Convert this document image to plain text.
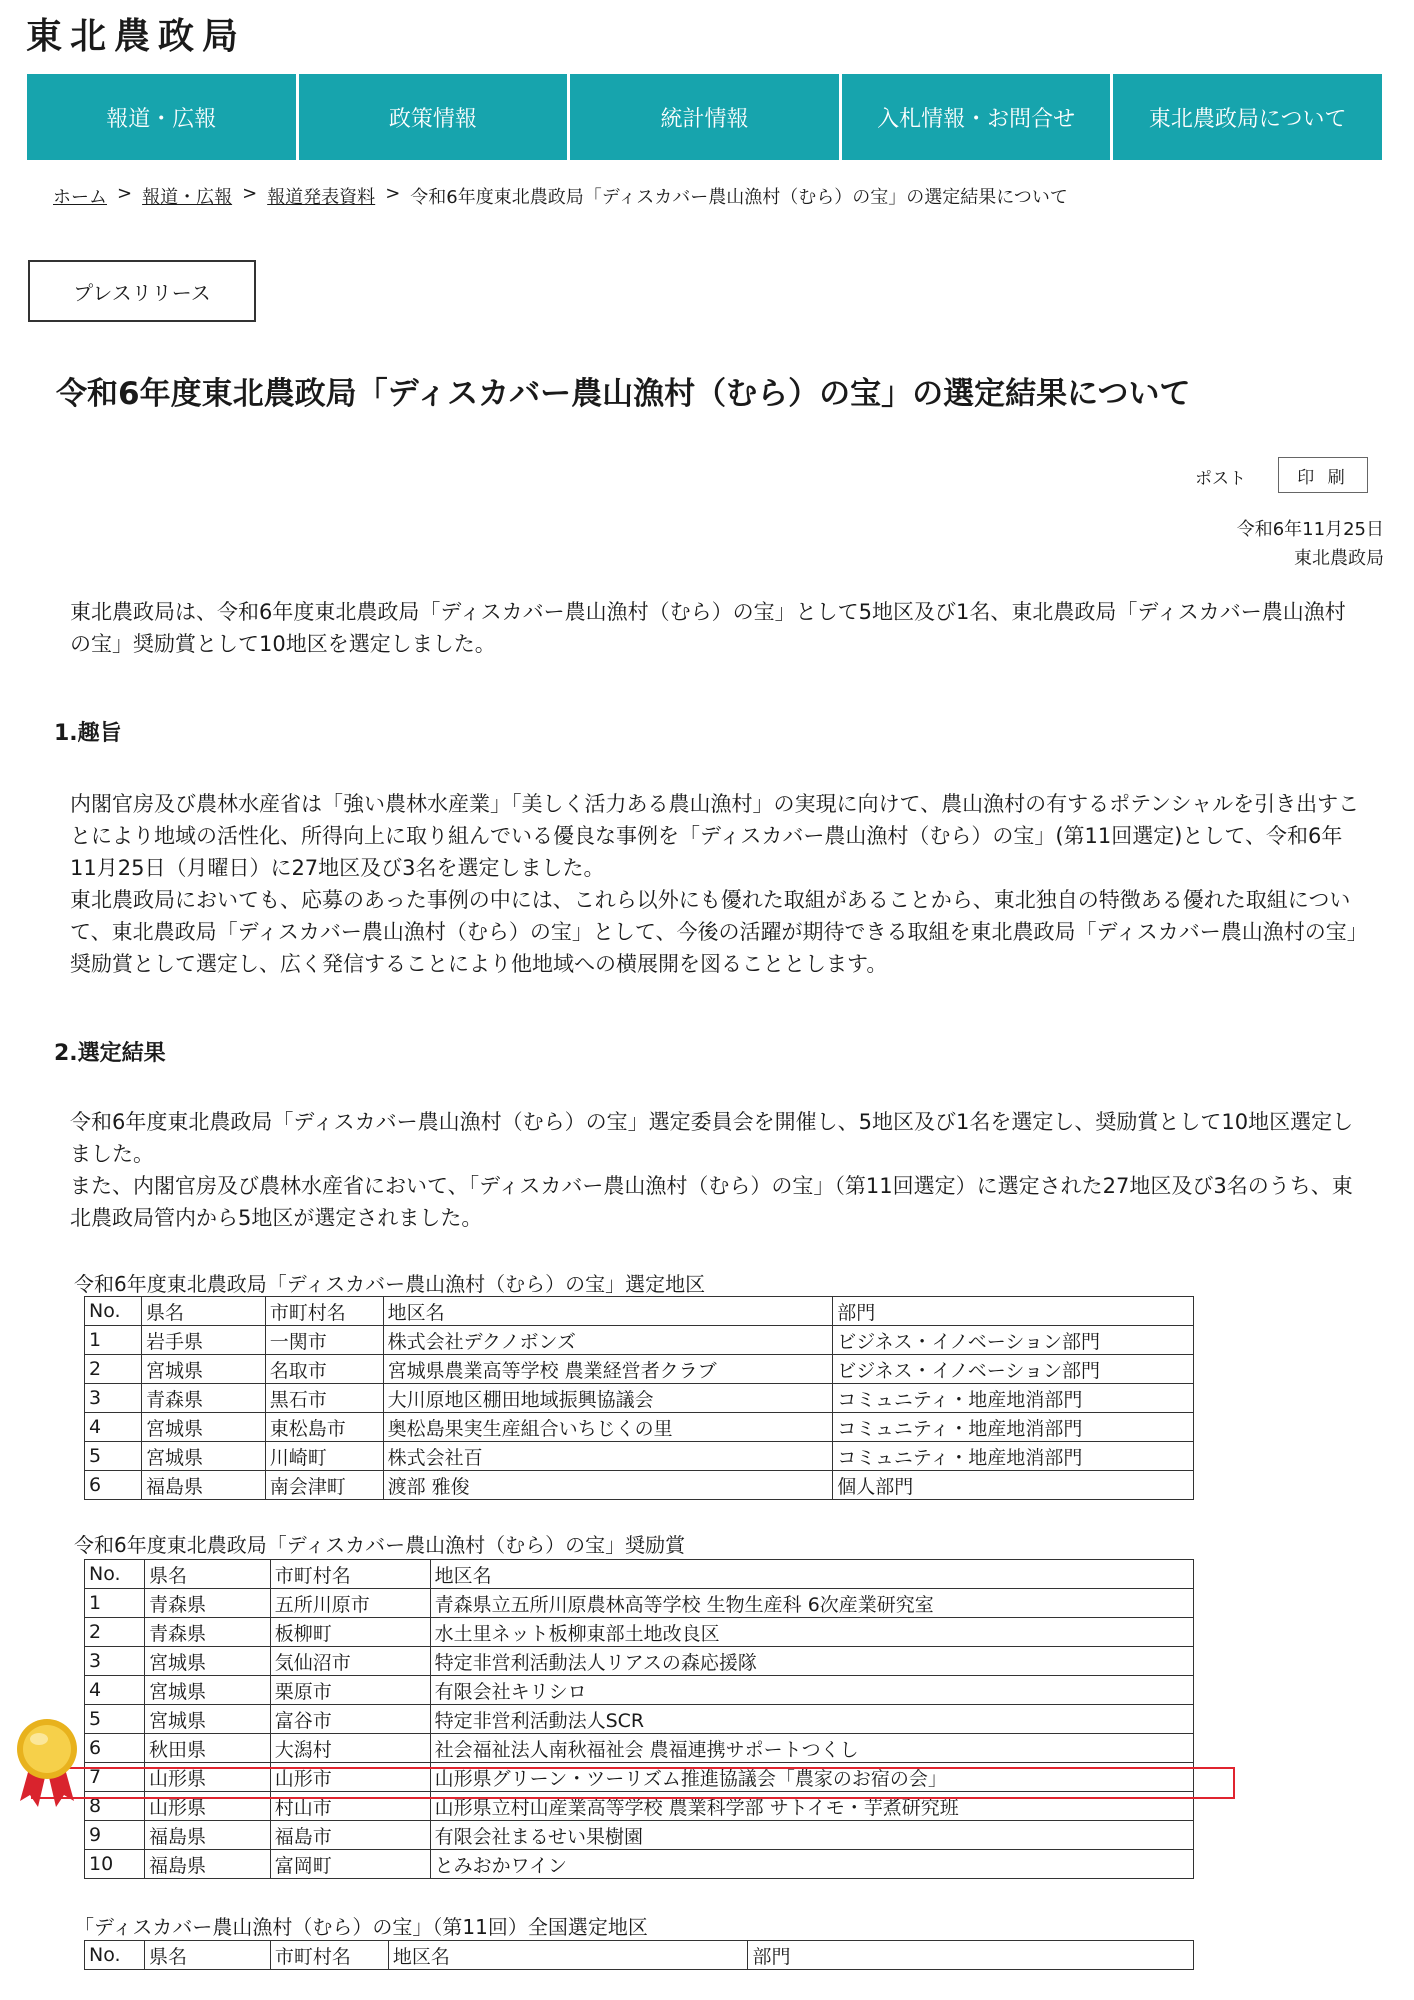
東北農政局
報道・広報	政策情報	統計情報	入札情報・お問合せ	東北農政局について
ホーム > 報道・広報 > 報道発表資料 > 令和6年度東北農政局「ディスカバー農山漁村（むら）の宝」の選定結果について
プレスリリース
令和6年度東北農政局「ディスカバー農山漁村（むら）の宝」の選定結果について
ポスト	印 刷
令和6年11月25日
東北農政局

東北農政局は、令和6年度東北農政局「ディスカバー農山漁村（むら）の宝」として5地区及び1名、東北農政局「ディスカバー農山漁村の宝」奨励賞として10地区を選定しました。

1.趣旨

内閣官房及び農林水産省は「強い農林水産業」「美しく活力ある農山漁村」の実現に向けて、農山漁村の有するポテンシャルを引き出すことにより地域の活性化、所得向上に取り組んでいる優良な事例を「ディスカバー農山漁村（むら）の宝」(第11回選定)として、令和6年11月25日（月曜日）に27地区及び3名を選定しました。

東北農政局においても、応募のあった事例の中には、これら以外にも優れた取組があることから、東北独自の特徴ある優れた取組について、東北農政局「ディスカバー農山漁村（むら）の宝」として、今後の活躍が期待できる取組を東北農政局「ディスカバー農山漁村の宝」奨励賞として選定し、広く発信することにより他地域への横展開を図ることとします。

2.選定結果

令和6年度東北農政局「ディスカバー農山漁村（むら）の宝」選定委員会を開催し、5地区及び1名を選定し、奨励賞として10地区選定しました。

また、内閣官房及び農林水産省において、「ディスカバー農山漁村（むら）の宝」（第11回選定）に選定された27地区及び3名のうち、東北農政局管内から5地区が選定されました。

令和6年度東北農政局「ディスカバー農山漁村（むら）の宝」選定地区
No.	県名	市町村名	地区名	部門
1	岩手県	一関市	株式会社デクノボンズ	ビジネス・イノベーション部門
2	宮城県	名取市	宮城県農業高等学校 農業経営者クラブ	ビジネス・イノベーション部門
3	青森県	黒石市	大川原地区棚田地域振興協議会	コミュニティ・地産地消部門
4	宮城県	東松島市	奥松島果実生産組合いちじくの里	コミュニティ・地産地消部門
5	宮城県	川崎町	株式会社百	コミュニティ・地産地消部門
6	福島県	南会津町	渡部 雅俊	個人部門
令和6年度東北農政局「ディスカバー農山漁村（むら）の宝」奨励賞
No.	県名	市町村名	地区名
1	青森県	五所川原市	青森県立五所川原農林高等学校 生物生産科 6次産業研究室
2	青森県	板柳町	水土里ネット板柳東部土地改良区
3	宮城県	気仙沼市	特定非営利活動法人リアスの森応援隊
4	宮城県	栗原市	有限会社キリシロ
5	宮城県	富谷市	特定非営利活動法人SCR
6	秋田県	大潟村	社会福祉法人南秋福祉会 農福連携サポートつくし
7	山形県	山形市	山形県グリーン・ツーリズム推進協議会「農家のお宿の会」
8	山形県	村山市	山形県立村山産業高等学校 農業科学部 サトイモ・芋煮研究班
9	福島県	福島市	有限会社まるせい果樹園
10	福島県	富岡町	とみおかワイン
「ディスカバー農山漁村（むら）の宝」（第11回）全国選定地区
No.	県名	市町村名	地区名	部門
